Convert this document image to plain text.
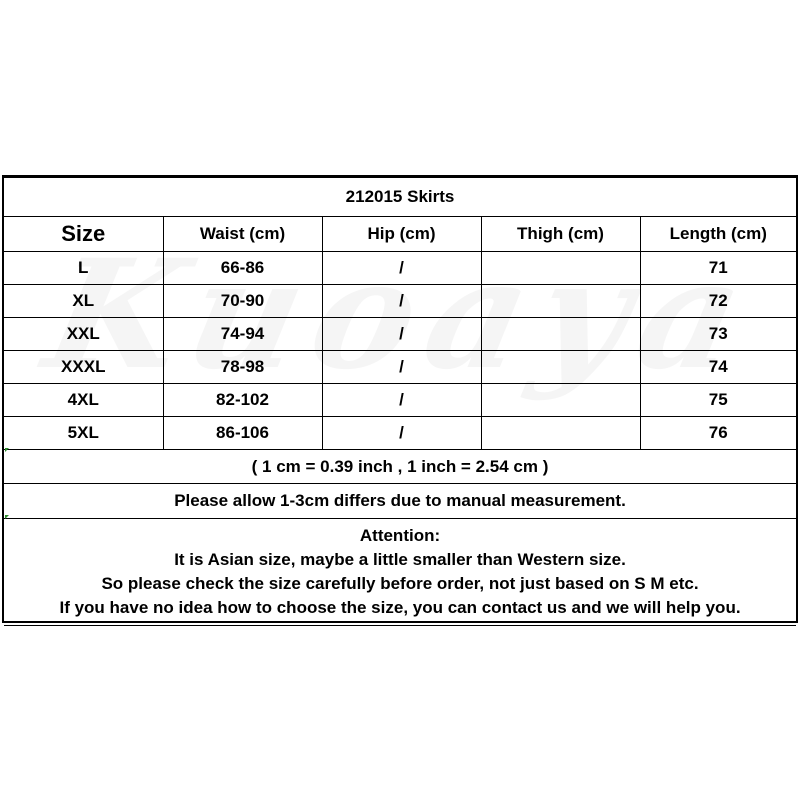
212015 Skirts				
Size	Waist (cm)	Hip (cm)	Thigh (cm)	Length (cm)
L	66-86	/		71
XL	70-90	/		72
XXL	74-94	/		73
XXXL	78-98	/		74
4XL	82-102	/		75
5XL	86-106	/		76
( 1 cm = 0.39 inch , 1 inch = 2.54 cm )				
Please allow 1-3cm differs due to manual measurement.				

Attention:
It is Asian size, maybe a little smaller than Western size.
So please check the size carefully before order, not just based on S M etc.
If you have no idea how to choose the size, you can contact us and we will help you.				
